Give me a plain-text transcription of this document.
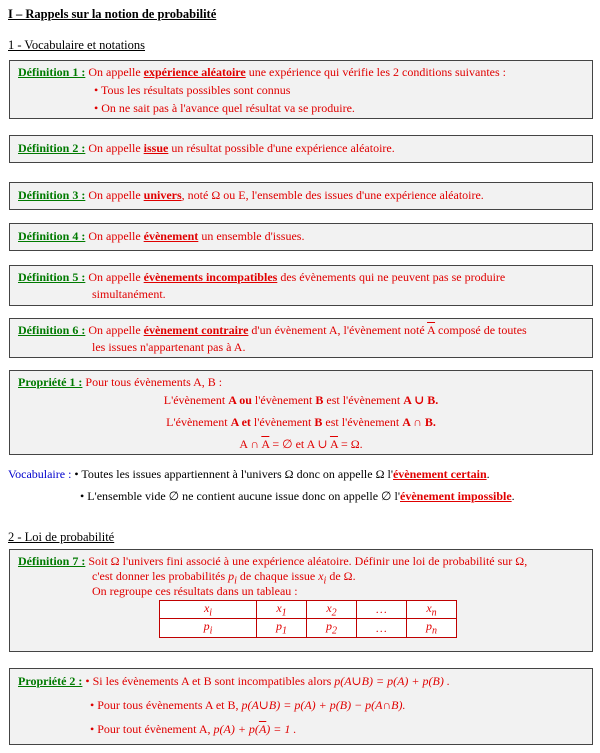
I – Rappels sur la notion de probabilité
1 - Vocabulaire et notations
Définition 1 : On appelle expérience aléatoire une expérience qui vérifie les 2 conditions suivantes :
• Tous les résultats possibles sont connus
• On ne sait pas à l'avance quel résultat va se produire.
Définition 2 : On appelle issue un résultat possible d'une expérience aléatoire.
Définition 3 : On appelle univers, noté Ω ou E, l'ensemble des issues d'une expérience aléatoire.
Définition 4 : On appelle évènement un ensemble d'issues.
Définition 5 : On appelle évènements incompatibles des évènements qui ne peuvent pas se produire
simultanément.
Définition 6 : On appelle évènement contraire d'un évènement A, l'évènement noté $\overline{A}$ composé de toutes
les issues n'appartenant pas à A.
Propriété 1 : Pour tous évènements A, B :
L'évènement A ou l'évènement B est l'évènement A ∪ B.
L'évènement A et l'évènement B est l'évènement A ∩ B.
A ∩ $\overline{A}$ = ∅ et A ∪ $\overline{A} = \Omega$.
Vocabulaire : • Toutes les issues appartiennent à l'univers Ω donc on appelle Ω l'évènement certain.
• L'ensemble vide ∅ ne contient aucune issue donc on appelle ∅ l'évènement impossible.
2 - Loi de probabilité
Définition 7 : Soit Ω l'univers fini associé à une expérience aléatoire. Définir une loi de probabilité sur Ω,
c'est donner les probabilités $p_i$ de chaque issue $x_i$ de Ω.
On regroupe ces résultats dans un tableau :
$x_i$	$x_1$	$x_2$	…	$x_n$
$p_i$	$p_1$	$p_2$	…	$p_n$
Propriété 2 : • Si les évènements A et B sont incompatibles alors p(A∪B) = p(A) + p(B) .
• Pour tous évènements A et B, p(A∪B) = p(A) + p(B) − p(A∩B).
• Pour tout évènement A, $p(A) + p(\overline{A}) = 1$ .
